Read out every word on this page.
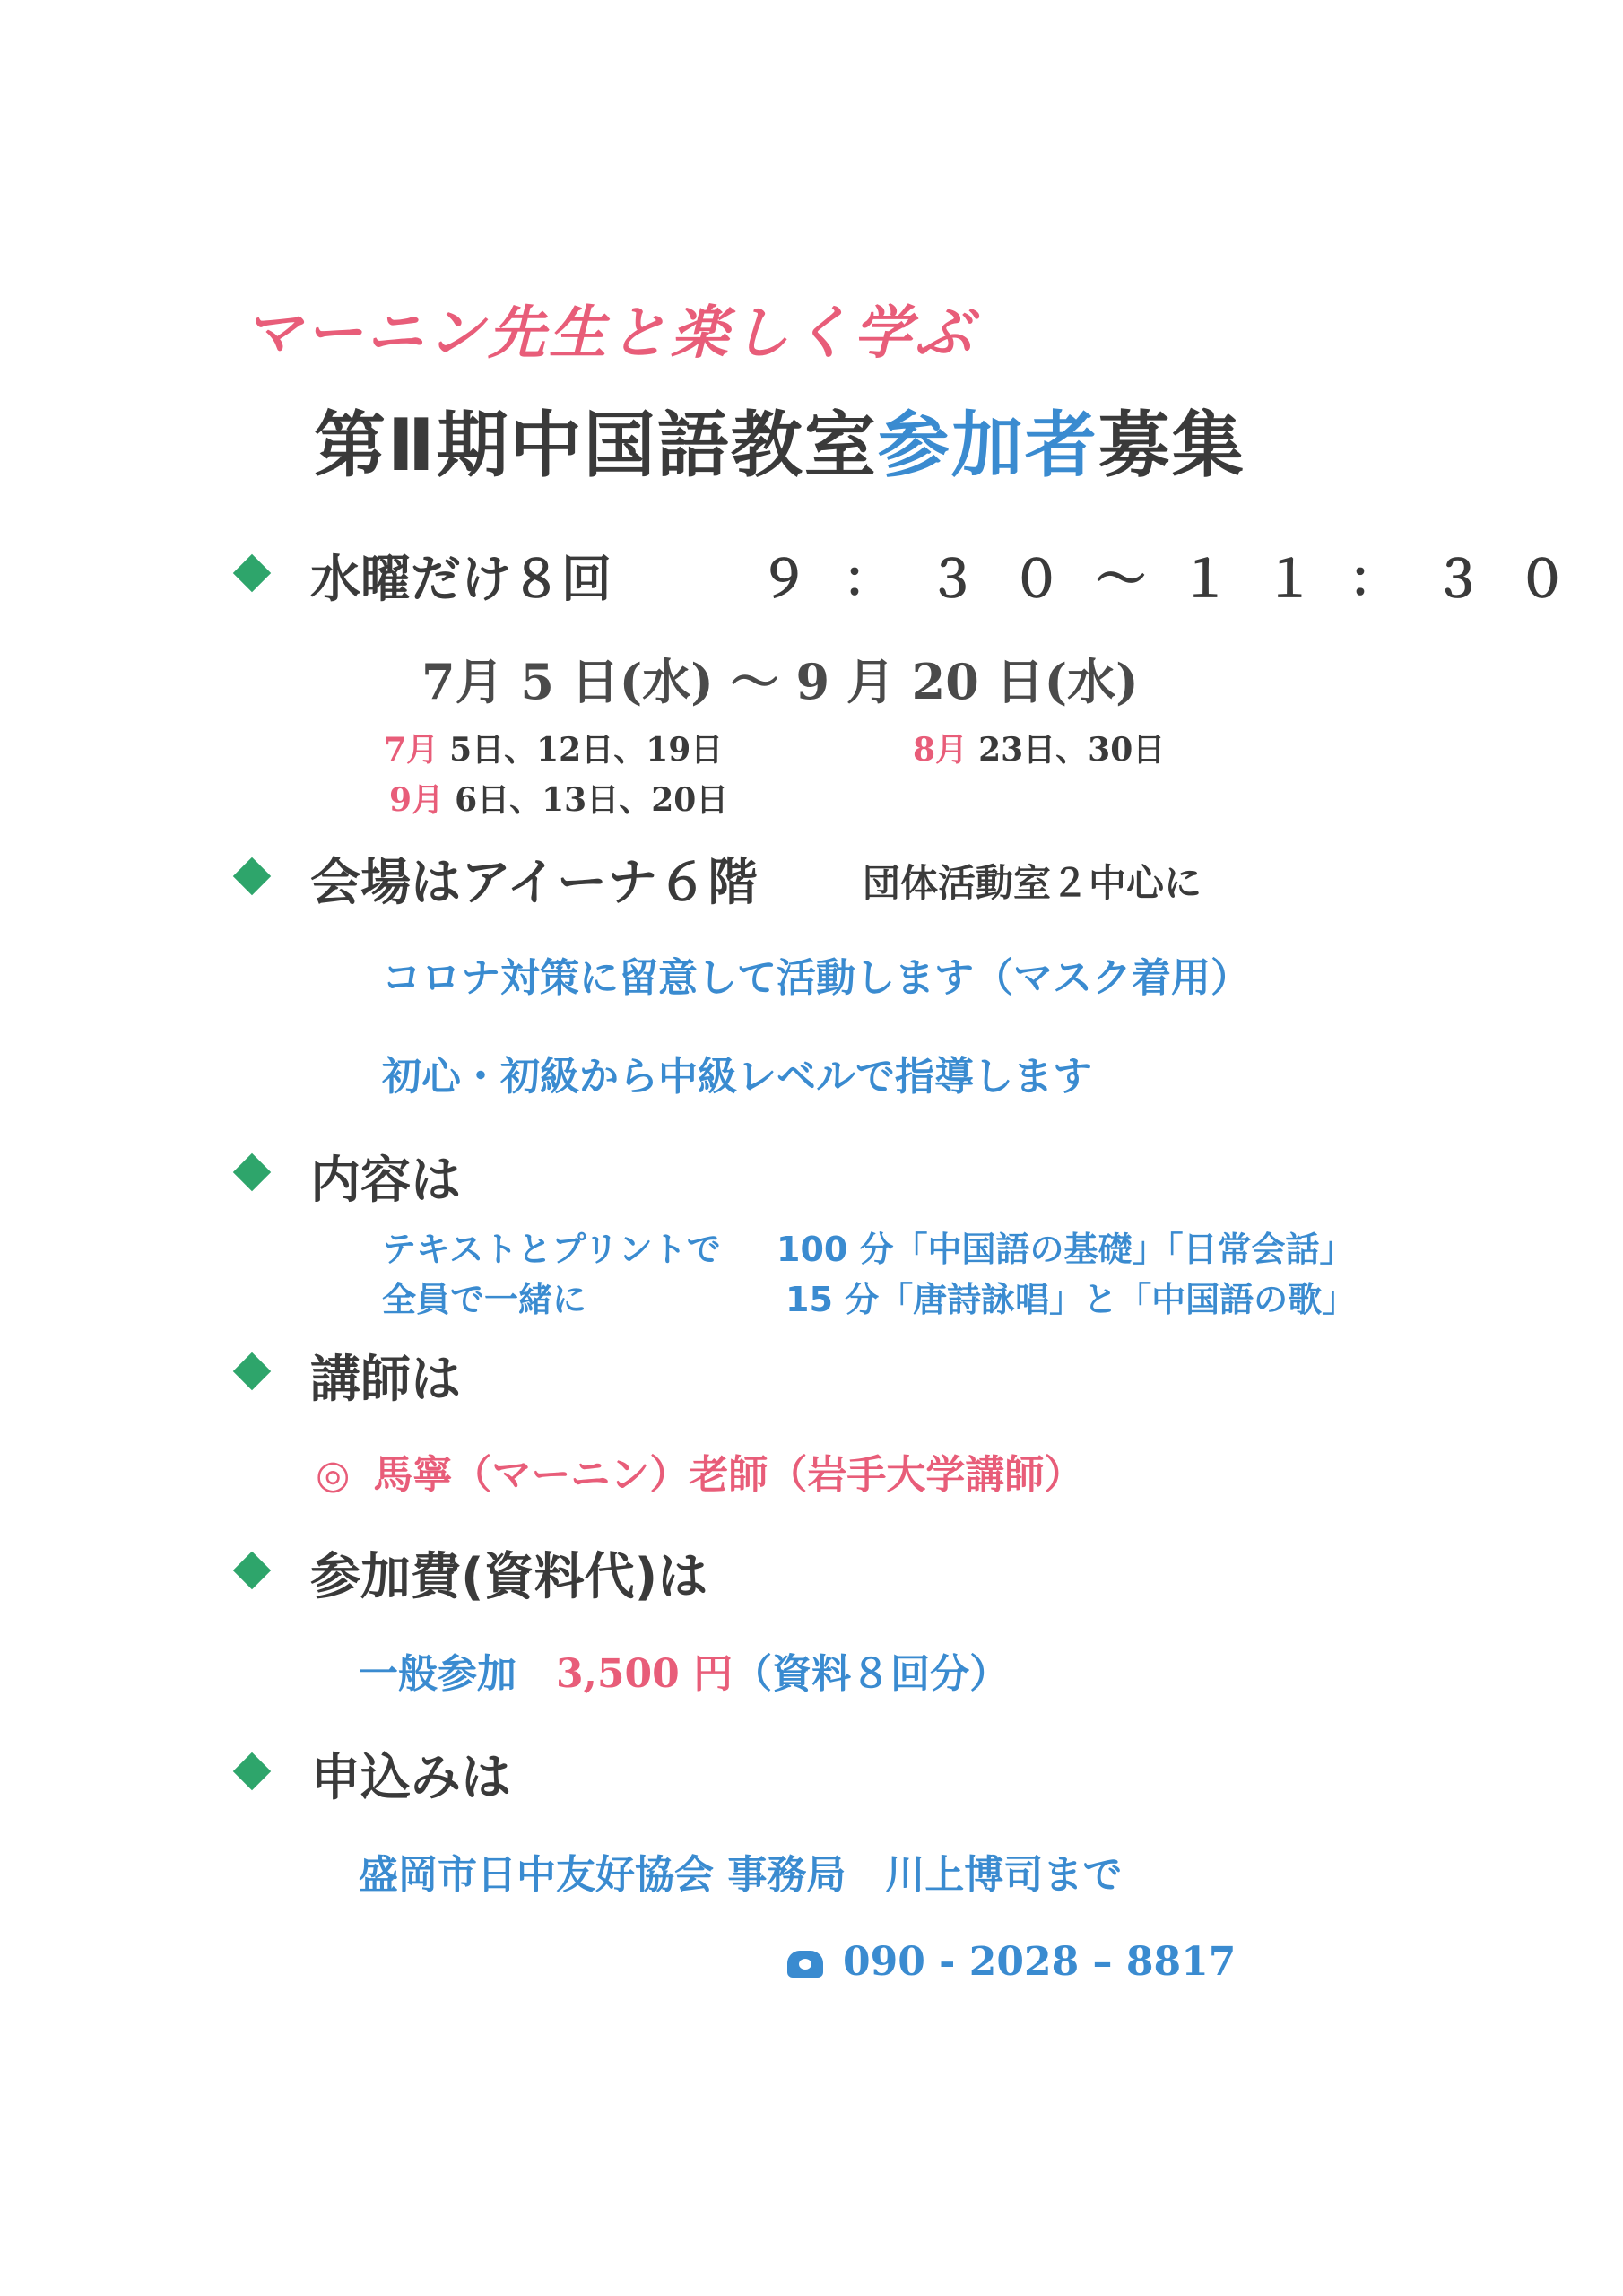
マーニン先生と楽しく学ぶ
第Ⅱ期中国語教室参加者募集
水曜だけ８回	９：３０～１１：３０
7月 5 日(水) ～ 9 月 20 日(水)
7月 5日、12日、19日	8月 23日、30日
9月 6日、13日、20日
会場はアイーナ６階	団体活動室２中心に
コロナ対策に留意して活動します（マスク着用）
初心・初級から中級レベルで指導します
内容は
テキストとプリントで 100 分「中国語の基礎」「日常会話」
全員で一緒に	15 分「唐詩詠唱」と「中国語の歌」
講師は
◎ 馬寧（マーニン）老師（岩手大学講師）
参加費(資料代)は
一般参加 3,500 円（資料８回分）
申込みは
盛岡市日中友好協会 事務局　川上博司まで
090 - 2028 – 8817
